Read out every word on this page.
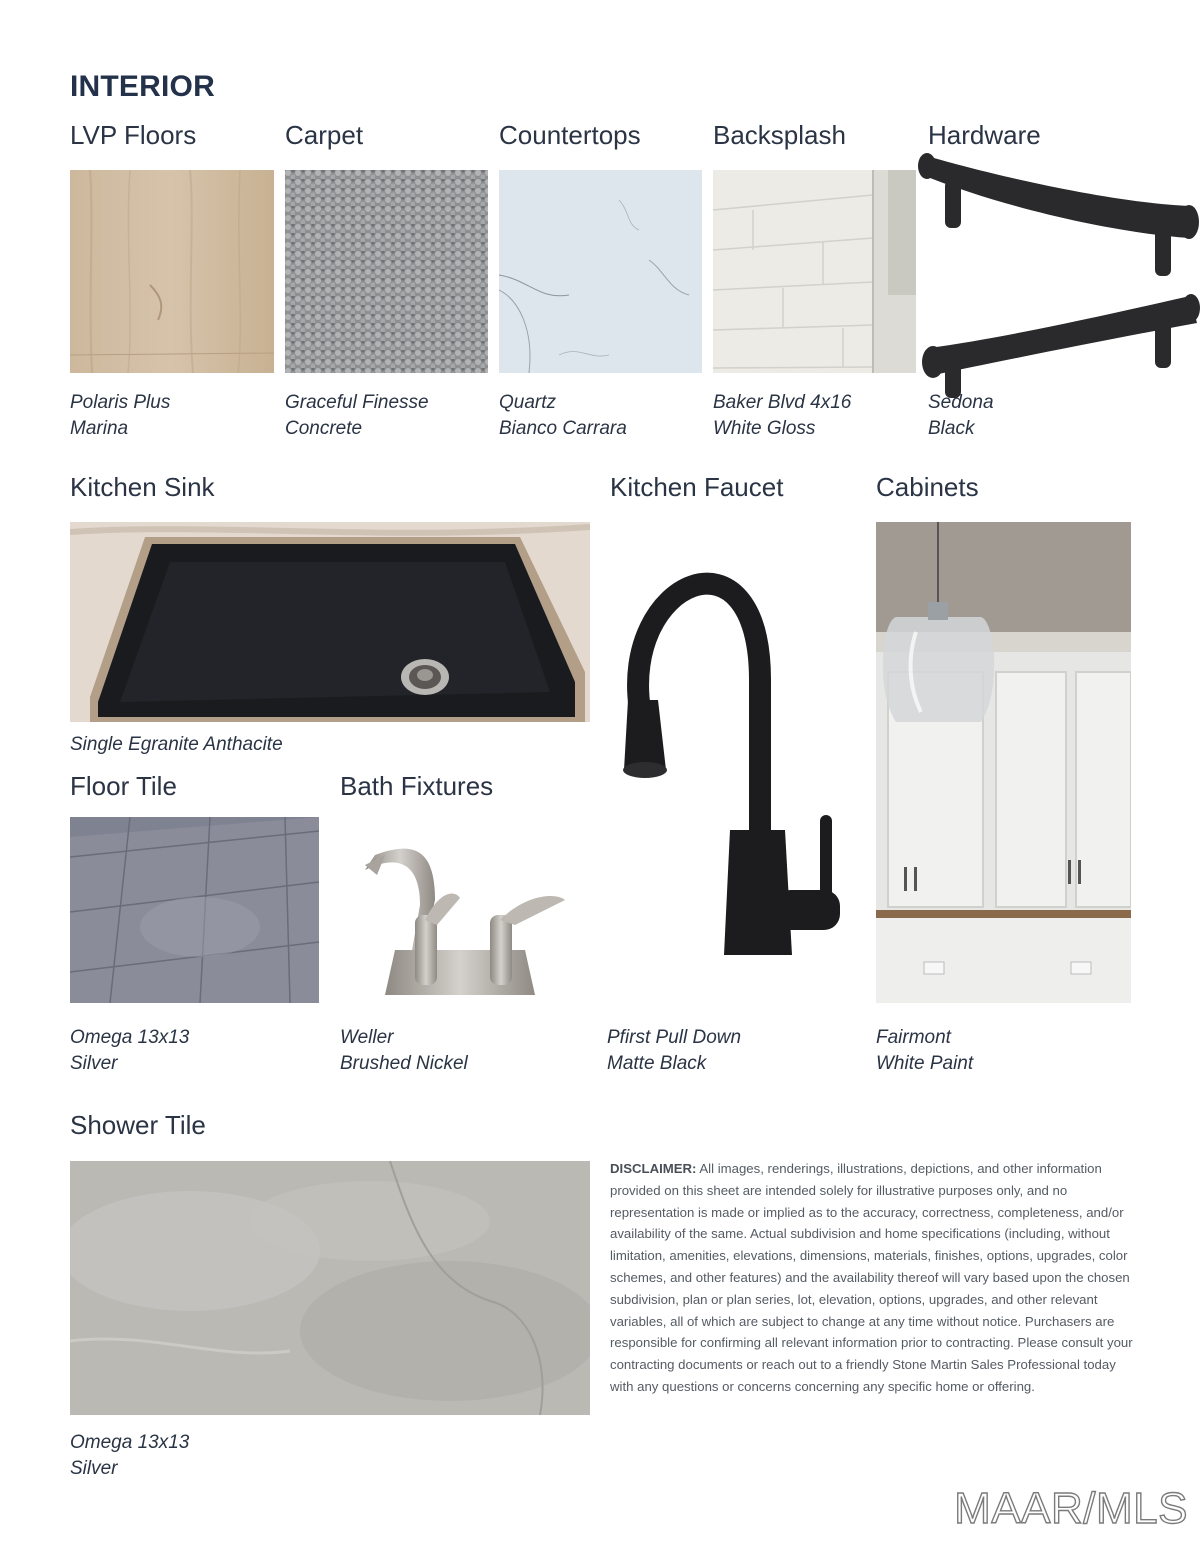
INTERIOR
LVP Floors	Carpet	Countertops	Backsplash	Hardware
Polaris Plus
Marina
Graceful Finesse
Concrete
Quartz
Bianco Carrara
Baker Blvd 4x16
White Gloss
Sedona
Black
Kitchen Sink	Kitchen Faucet	Cabinets
Single Egranite Anthacite
Pfirst Pull Down
Matte Black
Fairmont
White Paint
Floor Tile	Bath Fixtures
Omega 13x13
Silver
Weller
Brushed Nickel
Shower Tile
Omega 13x13
Silver
DISCLAIMER: All images, renderings, illustrations, depictions, and other information provided on this sheet are intended solely for illustrative purposes only, and no representation is made or implied as to the accuracy, correctness, completeness, and/or availability of the same. Actual subdivision and home specifications (including, without limitation, amenities, elevations, dimensions, materials, finishes, options, upgrades, color schemes, and other features) and the availability thereof will vary based upon the chosen subdivision, plan or plan series, lot, elevation, options, upgrades, and other relevant variables, all of which are subject to change at any time without notice. Purchasers are responsible for confirming all relevant information prior to contracting. Please consult your contracting documents or reach out to a friendly Stone Martin Sales Professional today with any questions or concerns concerning any specific home or offering.
MAAR/MLS
